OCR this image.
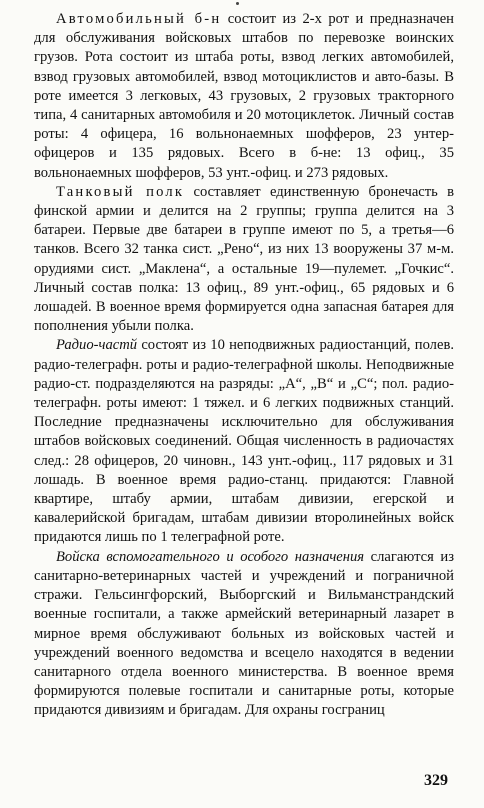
Автомобильный б-н состоит из 2-х рот и предназначен для обслуживания войсковых штабов по перевозке воинских грузов. Рота состоит из штаба роты, взвод легких автомобилей, взвод грузовых автомобилей, взвод мотоциклистов и авто-базы. В роте имеется 3 легковых, 43 грузовых, 2 грузовых тракторного типа, 4 санитарных автомобиля и 20 мотоциклеток. Личный состав роты: 4 офицера, 16 вольнонаемных шофферов, 23 унтер-офицеров и 135 рядовых. Всего в б-не: 13 офиц., 35 вольнонаемных шофферов, 53 унт.-офиц. и 273 рядовых.

Танковый полк составляет единственную бронечасть в финской армии и делится на 2 группы; группа делится на 3 батареи. Первые две батареи в группе имеют по 5, а третья—6 танков. Всего 32 танка сист. „Рено“, из них 13 вооружены 37 м-м. орудиями сист. „Маклена“, а остальные 19—пулемет. „Гочкис“. Личный состав полка: 13 офиц., 89 унт.-офиц., 65 рядовых и 6 лошадей. В военное время формируется одна запасная батарея для пополнения убыли полка.

Радио-частй состоят из 10 неподвижных радиостанций, полев. радио-телеграфн. роты и радио-телеграфной школы. Неподвижные радио-ст. подразделяются на разряды: „А“, „В“ и „С“; пол. радио-телеграфн. роты имеют: 1 тяжел. и 6 легких подвижных станций. Последние предназначены исключительно для обслуживания штабов войсковых соединений. Общая численность в радиочастях след.: 28 офицеров, 20 чиновн., 143 унт.-офиц., 117 рядовых и 31 лошадь. В военное время радио-станц. придаются: Главной квартире, штабу армии, штабам дивизии, егерской и кавалерийской бригадам, штабам дивизии второлинейных войск придаются лишь по 1 телеграфной роте.

Войска вспомогательного и особого назначения слагаются из санитарно-ветеринарных частей и учреждений и пограничной стражи. Гельсингфорский, Выборгский и Вильманстрандский военные госпитали, а также армейский ветеринарный лазарет в мирное время обслуживают больных из войсковых частей и учреждений военного ведомства и всецело находятся в ведении санитарного отдела военного министерства. В военное время формируются полевые госпитали и санитарные роты, которые придаются дивизиям и бригадам. Для охраны госграниц

329
